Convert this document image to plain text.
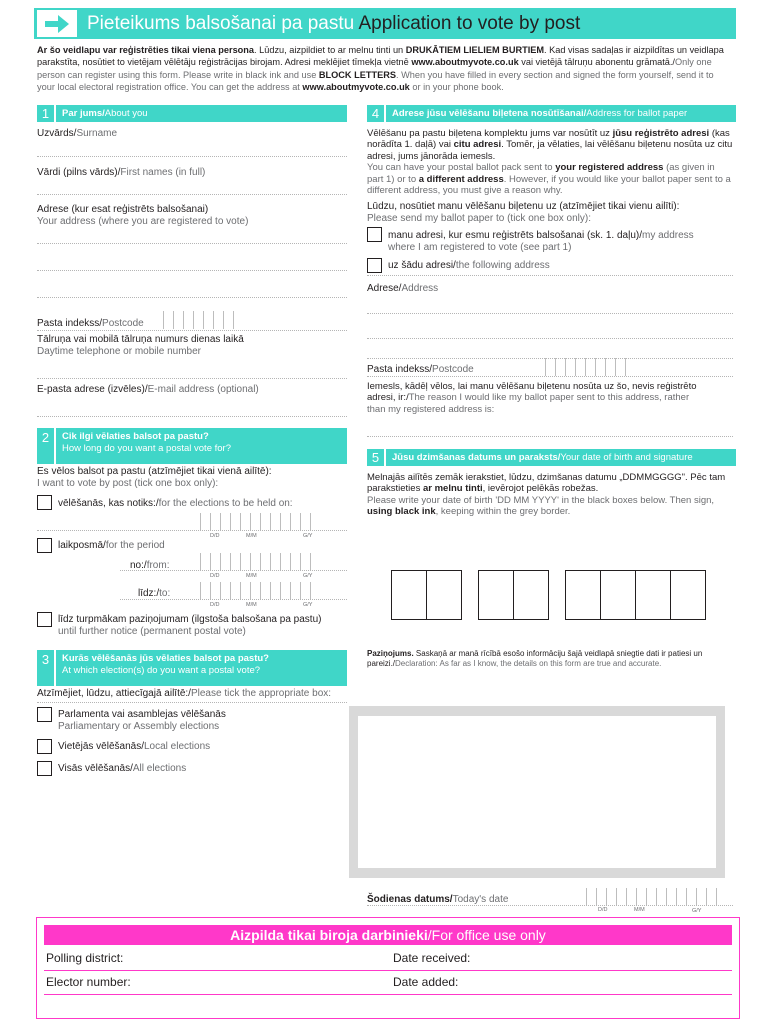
Pieteikums balsošanai pa pastu Application to vote by post
Ar šo veidlapu var reģistrēties tikai viena persona. Lūdzu, aizpildiet to ar melnu tinti un DRUKĀTIEM LIELIEM BURTIEM. Kad visas sadaļas ir aizpildītas un veidlapa parakstīta, nosūtiet to vietējam vēlētāju reģistrācijas birojam. Adresi meklējiet tīmekļa vietnē www.aboutmyvote.co.uk vai vietējā tālruņu abonentu grāmatā./Only one person can register using this form. Please write in black ink and use BLOCK LETTERS. When you have filled in every section and signed the form yourself, send it to your local electoral registration office. You can get the address at www.aboutmyvote.co.uk or in your phone book.
1	Par jums/About you
Uzvārds/Surname
Vārdi (pilns vārds)/First names (in full)
Adrese (kur esat reģistrēts balsošanai)
Your address (where you are registered to vote)
Pasta indekss/Postcode
Tālruņa vai mobilā tālruņa numurs dienas laikā
Daytime telephone or mobile number
E-pasta adrese (izvēles)/E-mail address (optional)
2	Cik ilgi vēlaties balsot pa pastu?
How long do you want a postal vote for?
Es vēlos balsot pa pastu (atzīmējiet tikai vienā ailītē):
I want to vote by post (tick one box only):
vēlēšanās, kas notiks:/for the elections to be held on:
D/D	M/M	G/Y
laikposmā/for the period
no:/from:
D/D	M/M	G/Y
līdz:/to:
D/D	M/M	G/Y
līdz turpmākam paziņojumam (ilgstoša balsošana pa pastu)
until further notice (permanent postal vote)
3	Kurās vēlēšanās jūs vēlaties balsot pa pastu?
At which election(s) do you want a postal vote?
Atzīmējiet, lūdzu, attiecīgajā ailītē:/Please tick the appropriate box:
Parlamenta vai asamblejas vēlēšanās
Parliamentary or Assembly elections
Vietējās vēlēšanās/Local elections
Visās vēlēšanās/All elections
4	Adrese jūsu vēlēšanu biļetena nosūtīšanai/Address for ballot paper
Vēlēšanu pa pastu biļetena komplektu jums var nosūtīt uz jūsu reģistrēto adresi (kas norādīta 1. daļā) vai citu adresi. Tomēr, ja vēlaties, lai vēlēšanu biļetenu nosūta uz citu adresi, jums jānorāda iemesls.
You can have your postal ballot pack sent to your registered address (as given in part 1) or to a different address. However, if you would like your ballot paper sent to a different address, you must give a reason why.
Lūdzu, nosūtiet manu vēlēšanu biļetenu uz (atzīmējiet tikai vienu ailīti):
Please send my ballot paper to (tick one box only):
manu adresi, kur esmu reģistrēts balsošanai (sk. 1. daļu)/my address
where I am registered to vote (see part 1)
uz šādu adresi/the following address
Adrese/Address
Pasta indekss/Postcode
Iemesls, kādēļ vēlos, lai manu vēlēšanu biļetenu nosūta uz šo, nevis reģistrēto adresi, ir:/The reason I would like my ballot paper sent to this address, rather than my registered address is:
5	Jūsu dzimšanas datums un paraksts/Your date of birth and signature
Melnajās ailītēs zemāk ierakstiet, lūdzu, dzimšanas datumu „DDMMGGGG". Pēc tam parakstieties ar melnu tinti, ievērojot pelēkās robežas.
Please write your date of birth 'DD MM YYYY' in the black boxes below. Then sign, using black ink, keeping within the grey border.
Paziņojums. Saskaņā ar manā rīcībā esošo informāciju šajā veidlapā sniegtie dati ir patiesi un pareizi./Declaration: As far as I know, the details on this form are true and accurate.
Šodienas datums/Today's date
D/D	M/M	G/Y
Aizpilda tikai biroja darbinieki /For office use only
Polling district:	Date received:
Elector number:	Date added:
